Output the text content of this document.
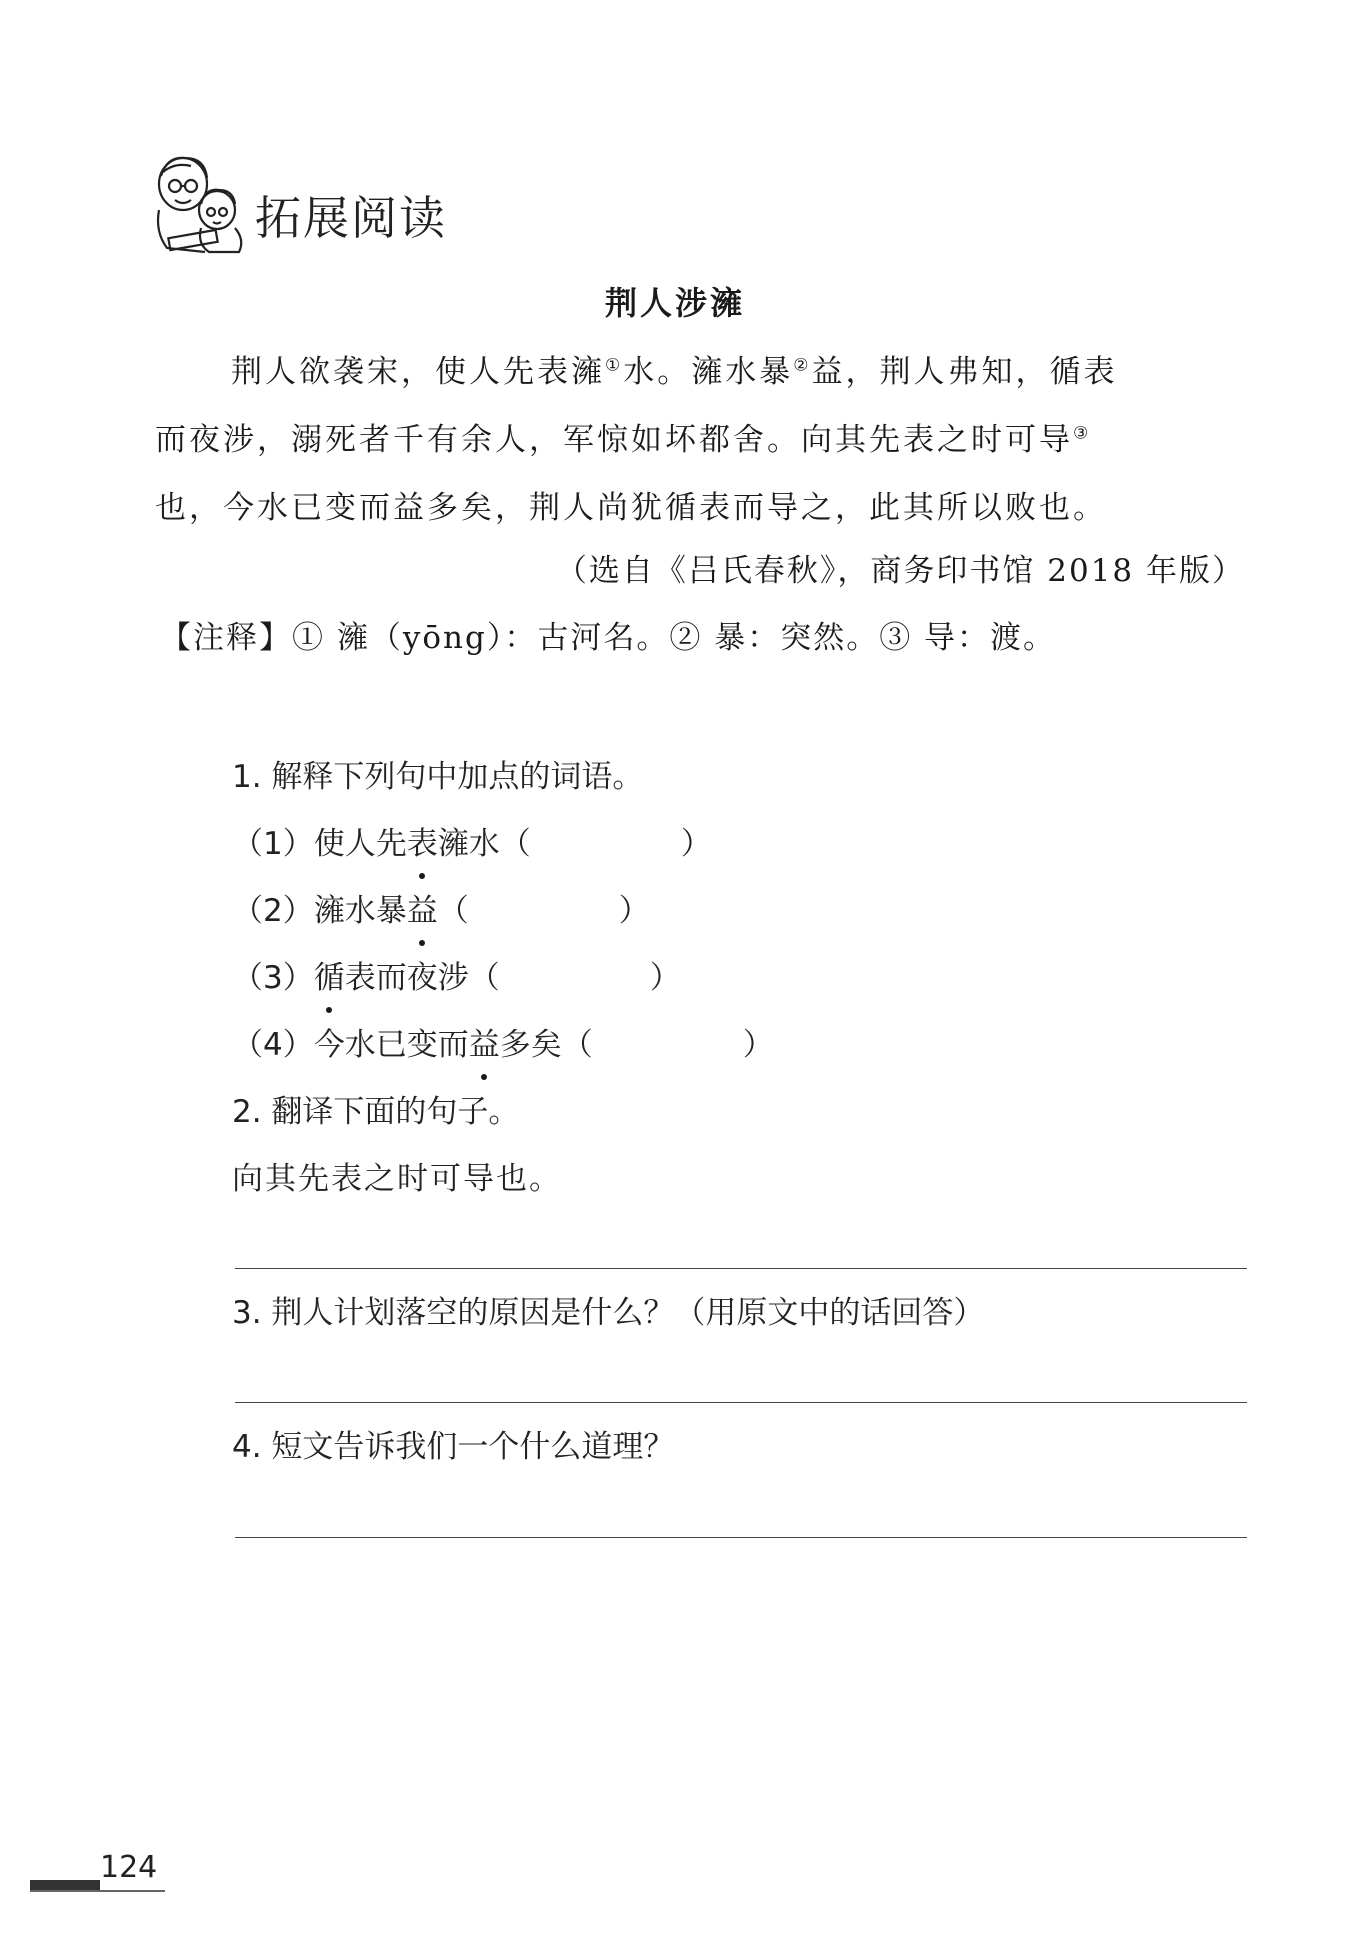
拓展阅读
荆人涉澭
荆人欲袭宋，使人先表澭①水。澭水暴②益，荆人弗知，循表
而夜涉，溺死者千有余人，军惊如坏都舍。向其先表之时可导③
也，今水已变而益多矣，荆人尚犹循表而导之，此其所以败也。
（选自《吕氏春秋》，商务印书馆 2018 年版）
【注释】① 澭（yōng）：古河名。② 暴：突然。③ 导：渡。
1. 解释下列句中加点的词语。
（1）使人先表澭水（	）
（2）澭水暴益（	）
（3）循表而夜涉（	）
（4）今水已变而益多矣（	）
2. 翻译下面的句子。
向其先表之时可导也。
3. 荆人计划落空的原因是什么？（用原文中的话回答）
4. 短文告诉我们一个什么道理？
124
